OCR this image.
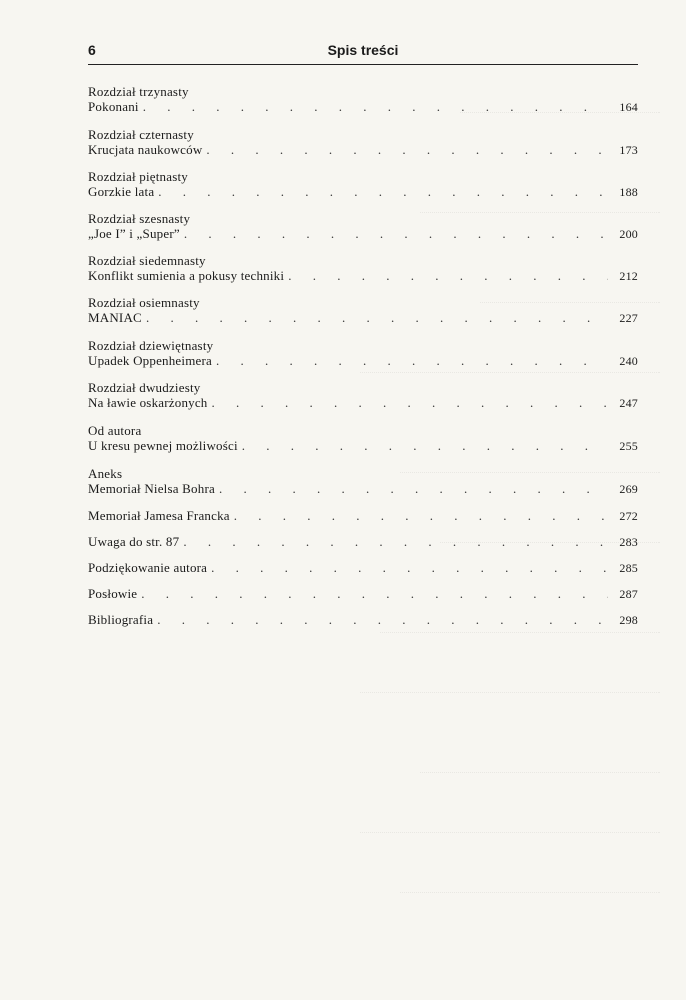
6	Spis treści
Rozdział trzynasty
Pokonani . . .	164
Rozdział czternasty
Krucjata naukowców . . .	173
Rozdział piętnasty
Gorzkie lata . . .	188
Rozdział szesnasty
„Joe I” i „Super” . . .	200
Rozdział siedemnasty
Konflikt sumienia a pokusy techniki . . .	212
Rozdział osiemnasty
MANIAC . . .	227
Rozdział dziewiętnasty
Upadek Oppenheimera . . .	240
Rozdział dwudziesty
Na ławie oskarżonych . . .	247
Od autora
U kresu pewnej możliwości . . .	255
Aneks
Memoriał Nielsa Bohra . . .	269
Memoriał Jamesa Francka . . .	272
Uwaga do str. 87 . . .	283
Podziękowanie autora . . .	285
Posłowie . . .	287
Bibliografia . . .	298
